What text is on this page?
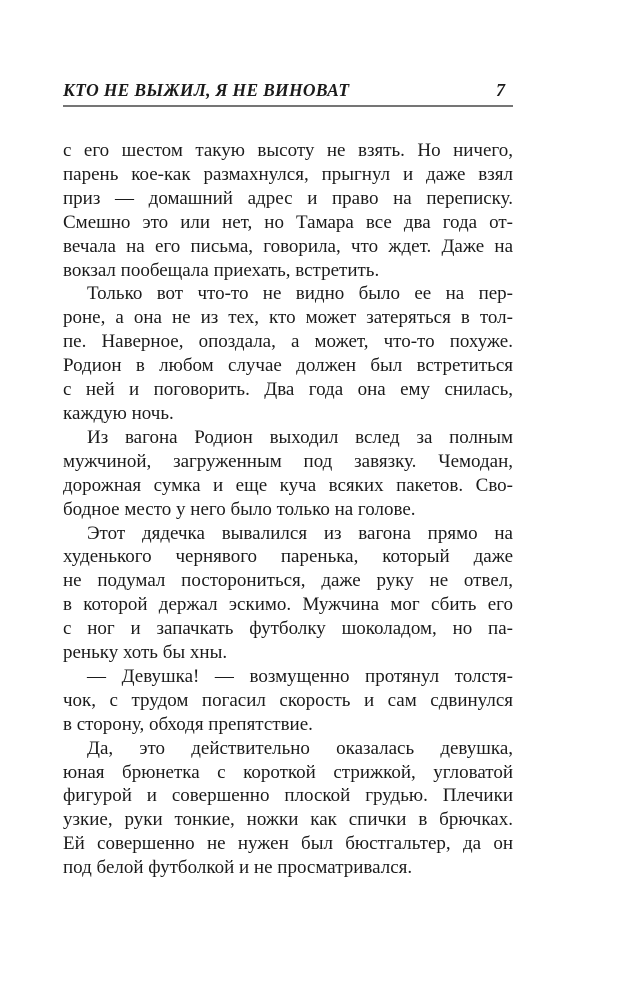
КТО НЕ ВЫЖИЛ, Я НЕ ВИНОВАТ	7
с его шестом такую высоту не взять. Но ничего,
парень кое-как размахнулся, прыгнул и даже взял
приз — домашний адрес и право на переписку.
Смешно это или нет, но Тамара все два года от-
вечала на его письма, говорила, что ждет. Даже на
вокзал пообещала приехать, встретить.
Только вот что-то не видно было ее на пер-
роне, а она не из тех, кто может затеряться в тол-
пе. Наверное, опоздала, а может, что-то похуже.
Родион в любом случае должен был встретиться
с ней и поговорить. Два года она ему снилась,
каждую ночь.
Из вагона Родион выходил вслед за полным
мужчиной, загруженным под завязку. Чемодан,
дорожная сумка и еще куча всяких пакетов. Сво-
бодное место у него было только на голове.
Этот дядечка вывалился из вагона прямо на
худенького чернявого паренька, который даже
не подумал посторониться, даже руку не отвел,
в которой держал эскимо. Мужчина мог сбить его
с ног и запачкать футболку шоколадом, но па-
реньку хоть бы хны.
— Девушка! — возмущенно протянул толстя-
чок, с трудом погасил скорость и сам сдвинулся
в сторону, обходя препятствие.
Да, это действительно оказалась девушка,
юная брюнетка с короткой стрижкой, угловатой
фигурой и совершенно плоской грудью. Плечики
узкие, руки тонкие, ножки как спички в брючках.
Ей совершенно не нужен был бюстгальтер, да он
под белой футболкой и не просматривался.
